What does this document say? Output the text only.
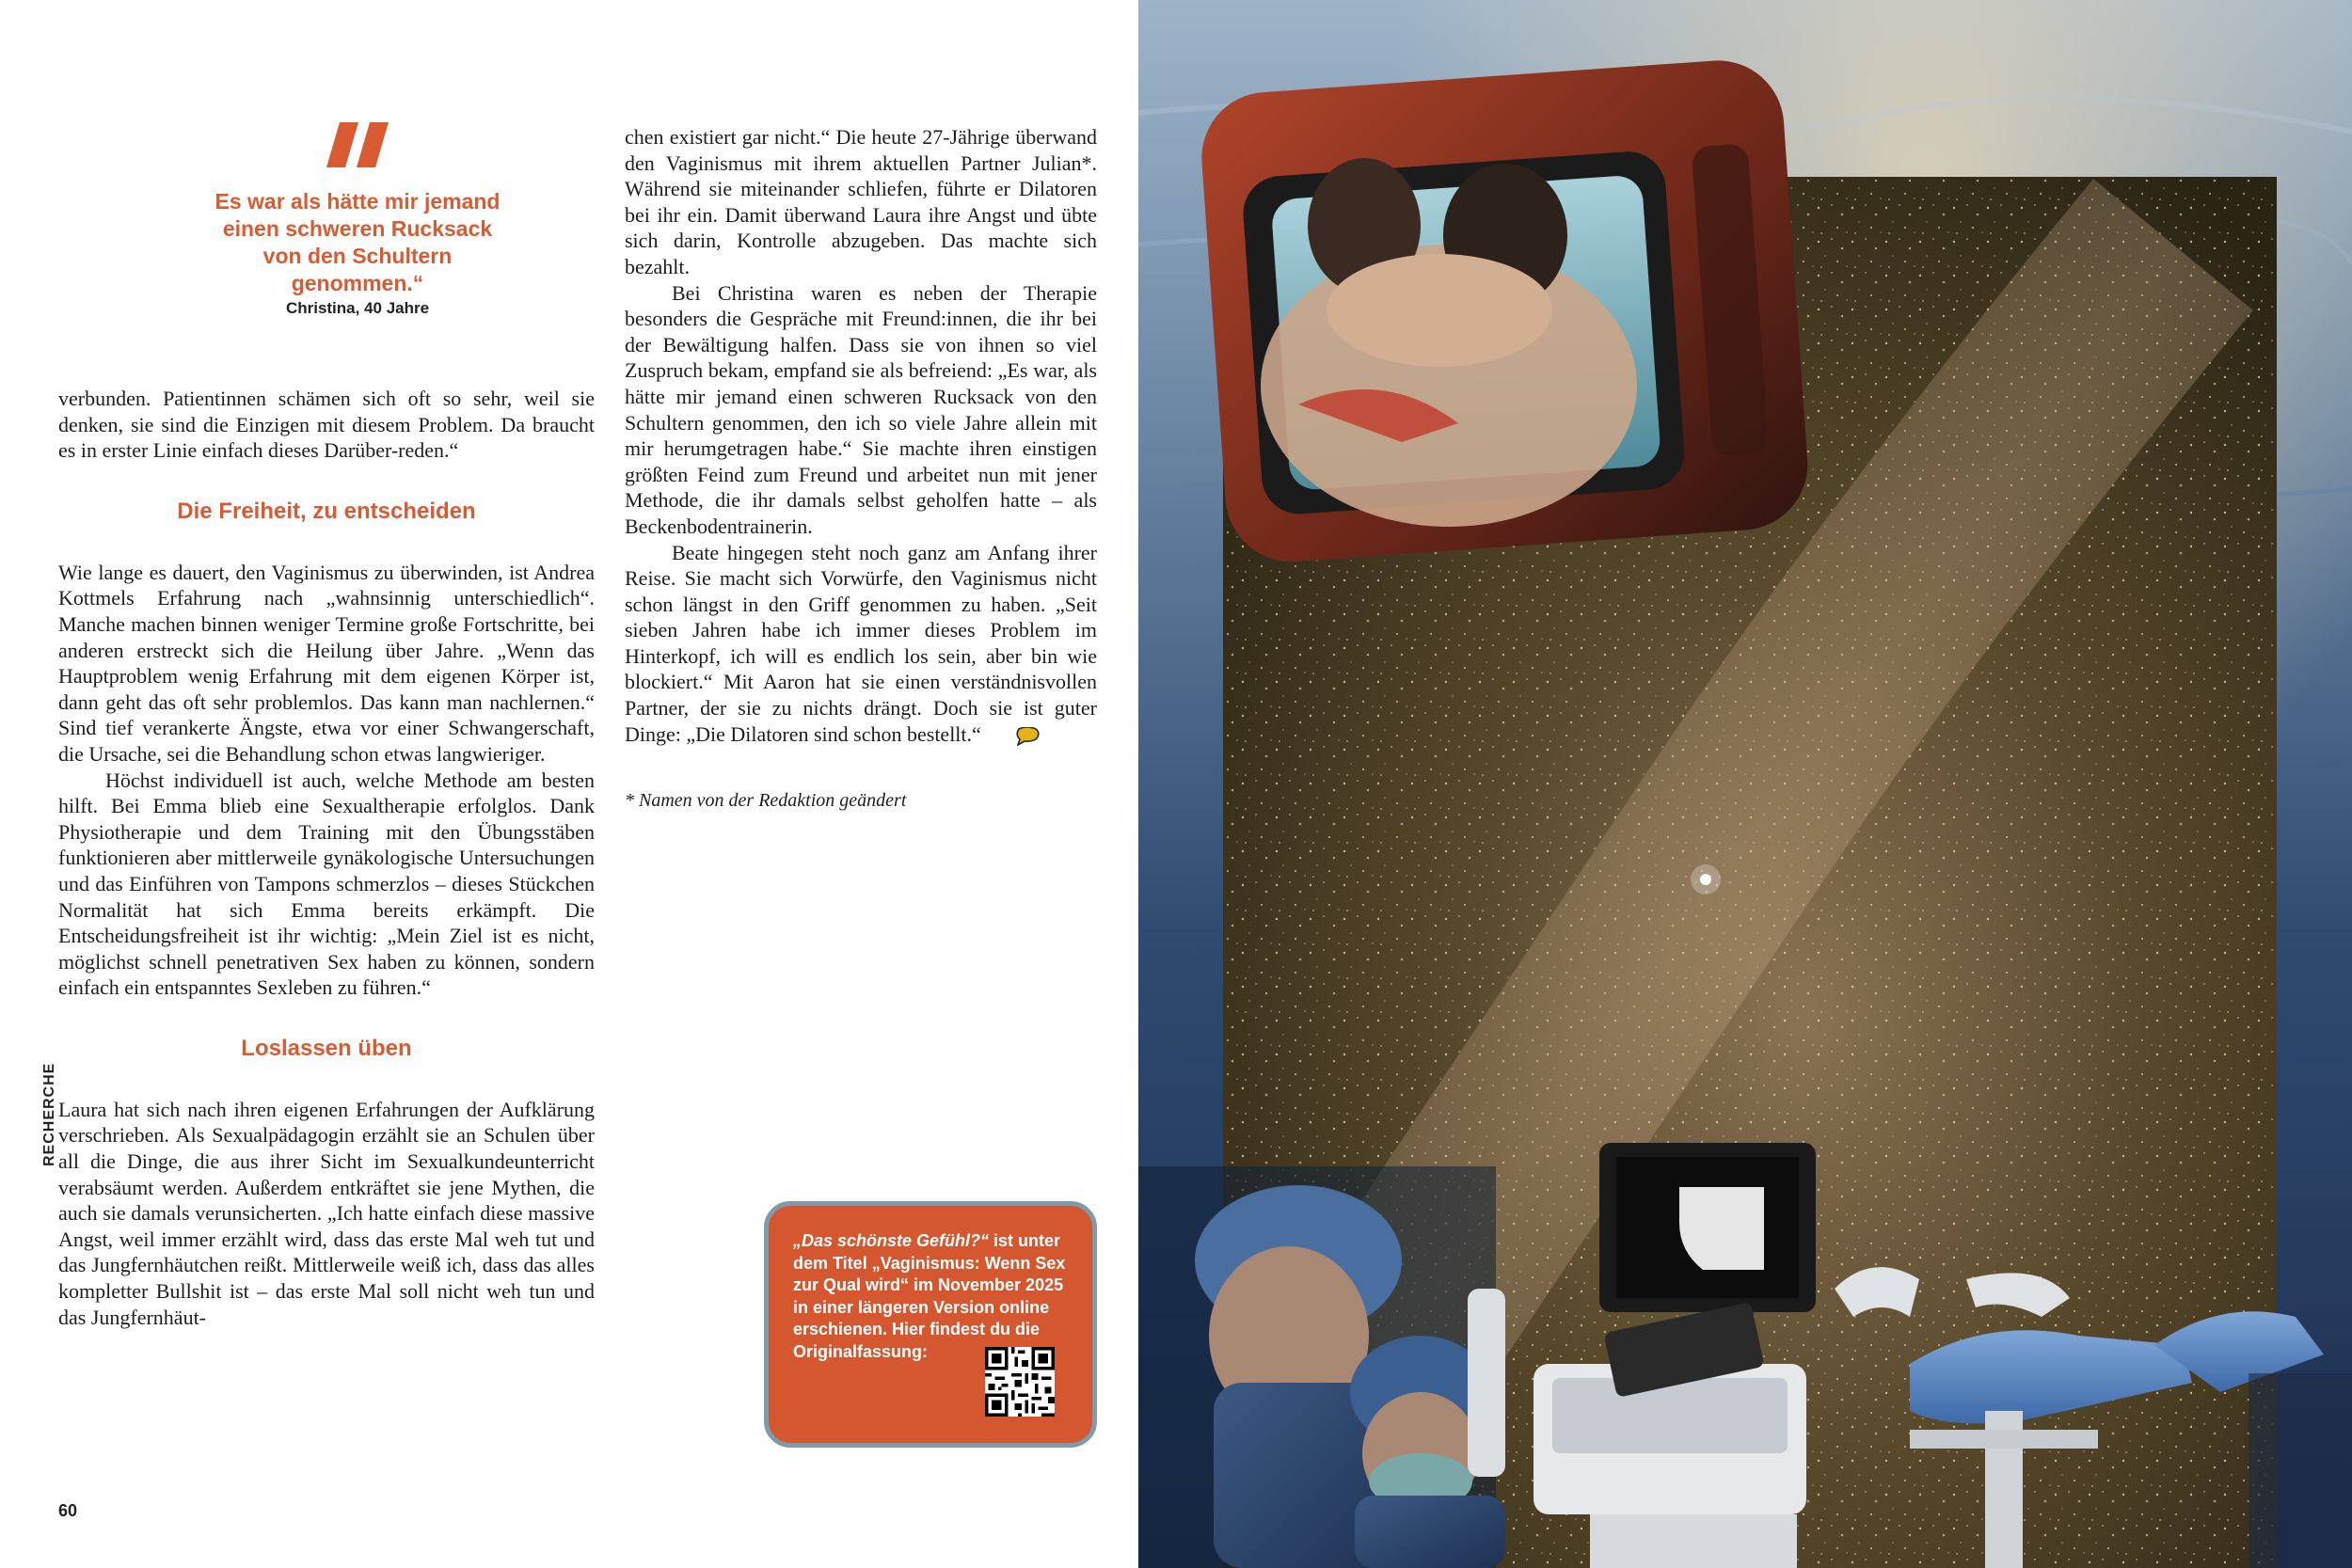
Es war als hätte mir jemand einen schweren Rucksack von den Schultern genommen.“

Christina, 40 Jahre

verbunden. Patientinnen schämen sich oft so sehr, weil sie denken, sie sind die Einzigen mit diesem Problem. Da braucht es in erster Linie einfach dieses Darüber-reden.“

Die Freiheit, zu entscheiden

Wie lange es dauert, den Vaginismus zu überwinden, ist Andrea Kottmels Erfahrung nach „wahnsinnig unterschiedlich“. Manche machen binnen weniger Termine große Fortschritte, bei anderen erstreckt sich die Heilung über Jahre. „Wenn das Hauptproblem wenig Erfahrung mit dem eigenen Körper ist, dann geht das oft sehr problemlos. Das kann man nachlernen.“ Sind tief verankerte Ängste, etwa vor einer Schwangerschaft, die Ursache, sei die Behandlung schon etwas langwieriger.

Höchst individuell ist auch, welche Methode am besten hilft. Bei Emma blieb eine Sexualtherapie erfolglos. Dank Physiotherapie und dem Training mit den Übungsstäben funktionieren aber mittlerweile gynäkologische Untersuchungen und das Einführen von Tampons schmerzlos – dieses Stückchen Normalität hat sich Emma bereits erkämpft. Die Entscheidungsfreiheit ist ihr wichtig: „Mein Ziel ist es nicht, möglichst schnell penetrativen Sex haben zu können, sondern einfach ein entspanntes Sexleben zu führen.“

Loslassen üben

Laura hat sich nach ihren eigenen Erfahrungen der Aufklärung verschrieben. Als Sexualpädagogin erzählt sie an Schulen über all die Dinge, die aus ihrer Sicht im Sexualkundeunterricht verabsäumt werden. Außerdem entkräftet sie jene Mythen, die auch sie damals verunsicherten. „Ich hatte einfach diese massive Angst, weil immer erzählt wird, dass das erste Mal weh tut und das Jungfernhäutchen reißt. Mittlerweile weiß ich, dass das alles kompletter Bullshit ist – das erste Mal soll nicht weh tun und das Jungfernhäut-

chen existiert gar nicht.“ Die heute 27-Jährige überwand den Vaginismus mit ihrem aktuellen Partner Julian*. Während sie miteinander schliefen, führte er Dilatoren bei ihr ein. Damit überwand Laura ihre Angst und übte sich darin, Kontrolle abzugeben. Das machte sich bezahlt.

Bei Christina waren es neben der Therapie besonders die Gespräche mit Freund:innen, die ihr bei der Bewältigung halfen. Dass sie von ihnen so viel Zuspruch bekam, empfand sie als befreiend: „Es war, als hätte mir jemand einen schweren Rucksack von den Schultern genommen, den ich so viele Jahre allein mit mir herumgetragen habe.“ Sie machte ihren einstigen größten Feind zum Freund und arbeitet nun mit jener Methode, die ihr damals selbst geholfen hatte – als Beckenbodentrainerin.

Beate hingegen steht noch ganz am Anfang ihrer Reise. Sie macht sich Vorwürfe, den Vaginismus nicht schon längst in den Griff genommen zu haben. „Seit sieben Jahren habe ich immer dieses Problem im Hinterkopf, ich will es endlich los sein, aber bin wie blockiert.“ Mit Aaron hat sie einen verständnisvollen Partner, der sie zu nichts drängt. Doch sie ist guter Dinge: „Die Dilatoren sind schon bestellt.“

* Namen von der Redaktion geändert
„Das schönste Gefühl?“ ist unter dem Titel „Vaginismus: Wenn Sex zur Qual wird“ im November 2025 in einer längeren Version online erschienen. Hier findest du die Originalfassung:
RECHERCHE
60
